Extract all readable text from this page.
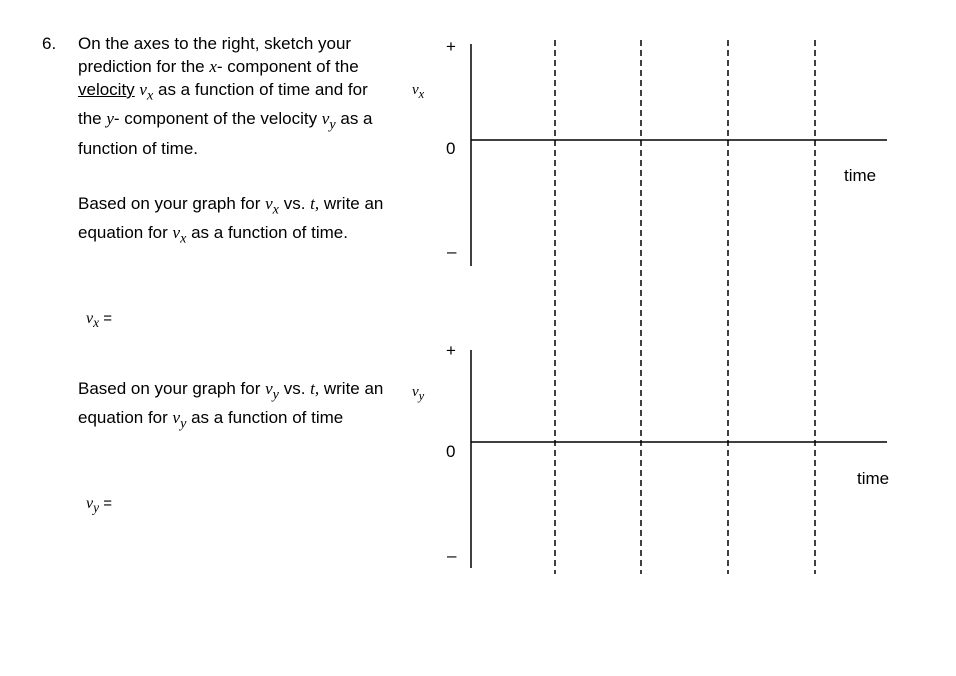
6. On the axes to the right, sketch your prediction for the x- component of the velocity $v_x$ as a function of time and for the y- component of the velocity $v_y$ as a function of time.
Based on your graph for $v_x$ vs. t, write an equation for $v_x$ as a function of time.
$v_x$ =
Based on your graph for $v_y$ vs. t, write an equation for $v_y$ as a function of time
$v_y$ =
+
$v_x$
0
–
time
+
$v_y$
0
–
time
